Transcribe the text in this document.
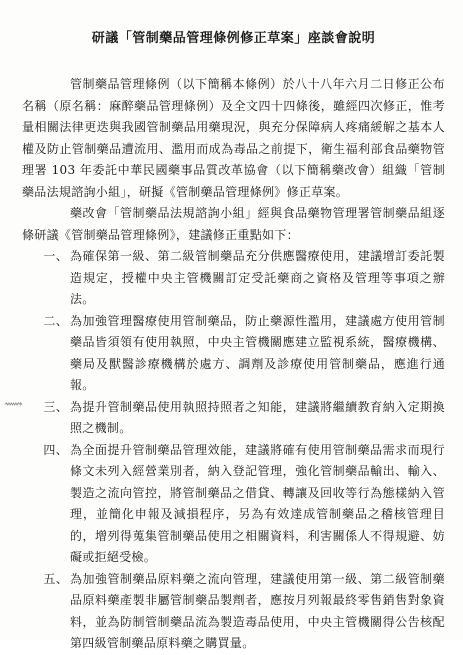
研議「管制藥品管理條例修正草案」座談會說明

管制藥品管理條例（以下簡稱本條例）於八十八年六月二日修正公布名稱（原名稱：麻醉藥品管理條例）及全文四十四條後，雖經四次修正，惟考量相關法律更迭與我國管制藥品用藥現況，與充分保障病人疼痛緩解之基本人權及防止管制藥品遭流用、濫用而成為毒品之前提下，衛生福利部食品藥物管理署 103 年委託中華民國藥事品質改革協會（以下簡稱藥改會）組織「管制藥品法規諮詢小組」，研擬《管制藥品管理條例》修正草案。

藥改會「管制藥品法規諮詢小組」經與食品藥物管理署管制藥品組逐條研議《管制藥品管理條例》，建議修正重點如下：

一、 為確保第一級、第二級管制藥品充分供應醫療使用，建議增訂委託製造規定，授權中央主管機關訂定受託藥商之資格及管理等事項之辦法。
二、 為加強管理醫療使用管制藥品，防止藥源性濫用，建議處方使用管制藥品皆須領有使用執照，中央主管機關應建立監視系統，醫療機構、藥局及獸醫診療機構於處方、調劑及診療使用管制藥品，應進行通報。
三、 為提升管制藥品使用執照持照者之知能，建議將繼續教育納入定期換照之機制。
四、 為全面提升管制藥品管理效能，建議將確有使用管制藥品需求而現行條文未列入經營業別者，納入登記管理，強化管制藥品輸出、輸入、製造之流向管控，將管制藥品之借貸、轉讓及回收等行為態樣納入管理，並簡化申報及減損程序，另為有效達成管制藥品之稽核管理目的，增列得蒐集管制藥品使用之相關資料，利害關係人不得規避、妨礙或拒絕受檢。
五、 為加強管制藥品原料藥之流向管理，建議使用第一級、第二級管制藥品原料藥產製非屬管制藥品製劑者，應按月列報最終零售銷售對象資料，並為防制管制藥品流為製造毒品使用，中央主管機關得公告核配第四級管制藥品原料藥之購買量。
⟿
